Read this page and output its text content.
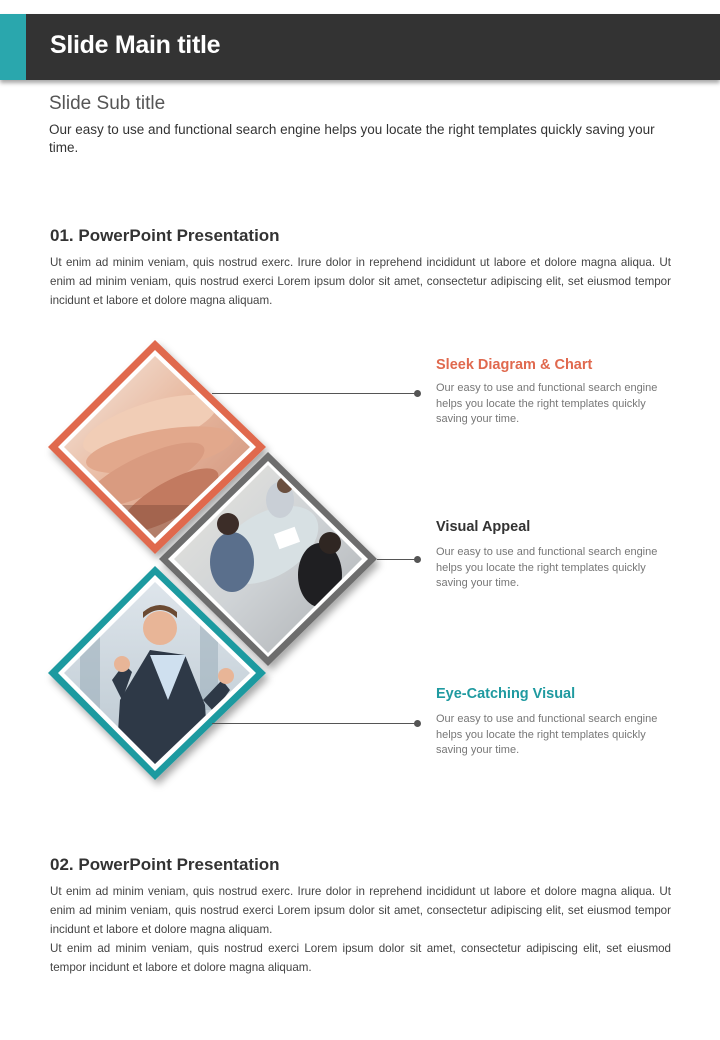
Slide Main title
Slide Sub title
Our easy to use and functional search engine helps you locate the right templates quickly saving your time.
01. PowerPoint Presentation
Ut enim ad minim veniam, quis nostrud exerc. Irure dolor in reprehend incididunt ut labore et dolore magna aliqua. Ut enim ad minim veniam, quis nostrud exerci Lorem ipsum dolor sit amet, consectetur adipiscing elit, set eiusmod tempor incidunt et labore et dolore magna aliquam.
Sleek Diagram & Chart
Our easy to use and functional search engine helps you locate the right templates quickly saving your time.
Visual Appeal
Our easy to use and functional search engine helps you locate the right templates quickly saving your time.
Eye-Catching Visual
Our easy to use and functional search engine helps you locate the right templates quickly saving your time.
02. PowerPoint Presentation
Ut enim ad minim veniam, quis nostrud exerc. Irure dolor in reprehend incididunt ut labore et dolore magna aliqua. Ut enim ad minim veniam, quis nostrud exerci Lorem ipsum dolor sit amet, consectetur adipiscing elit, set eiusmod tempor incidunt et labore et dolore magna aliquam.
Ut enim ad minim veniam, quis nostrud exerci Lorem ipsum dolor sit amet, consectetur adipiscing elit, set eiusmod tempor incidunt et labore et dolore magna aliquam.
